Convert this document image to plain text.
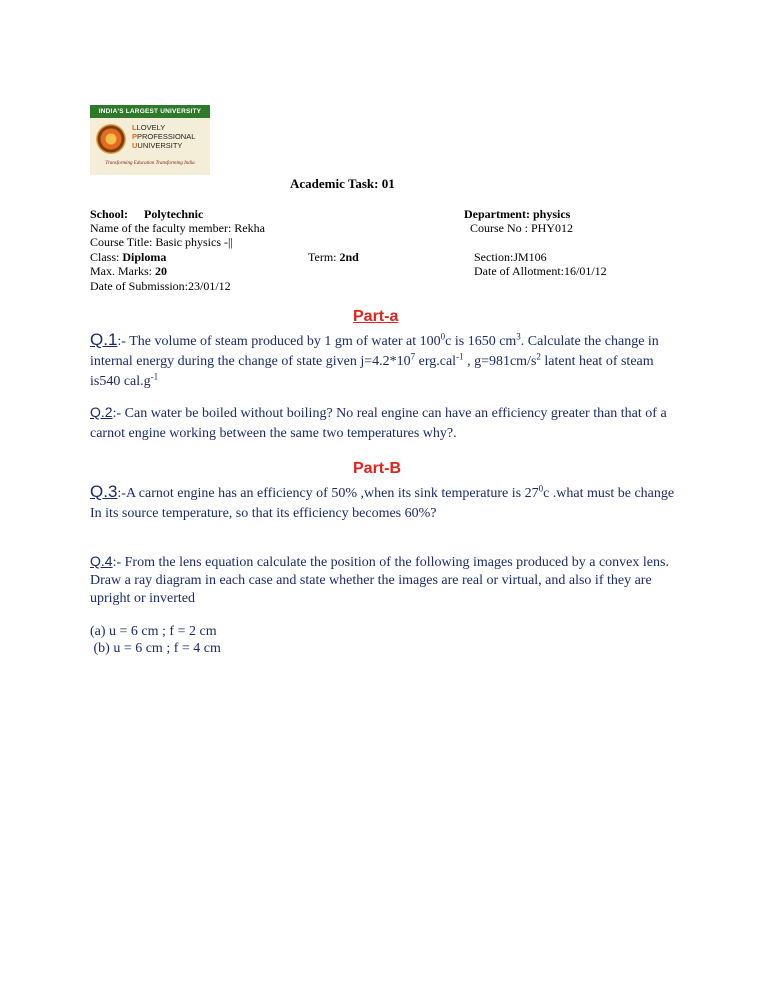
INDIA'S LARGEST UNIVERSITY
LLOVELY
PPROFESSIONAL
UUNIVERSITY
Transforming Education Transforming India
Academic Task: 01
School: Polytechnic	Department: physics
Name of the faculty member: Rekha	Course No : PHY012
Course Title: Basic physics -||
Class: Diploma	Term: 2nd	Section:JM106
Max. Marks: 20	Date of Allotment:16/01/12
Date of Submission:23/01/12
Part-a
Q.1:- The volume of steam produced by 1 gm of water at $100^0c$ is 1650 $cm^3$. Calculate the change in internal energy during the change of state given $j=4.2*10^7$ erg.cal$^{-1}$ , $g=981cm/s^2$ latent heat of steam is540 $cal.g^{-1}$
Q.2:- Can water be boiled without boiling? No real engine can have an efficiency greater than that of a carnot engine working between the same two temperatures why?.
Part-B
Q.3:-A carnot engine has an efficiency of 50% ,when its sink temperature is $27^0c$ .what must be change In its source temperature, so that its efficiency becomes 60%?
Q.4:- From the lens equation calculate the position of the following images produced by a convex lens. Draw a ray diagram in each case and state whether the images are real or virtual, and also if they are upright or inverted
(a) u = 6 cm ; f = 2 cm
(b) u = 6 cm ; f = 4 cm
